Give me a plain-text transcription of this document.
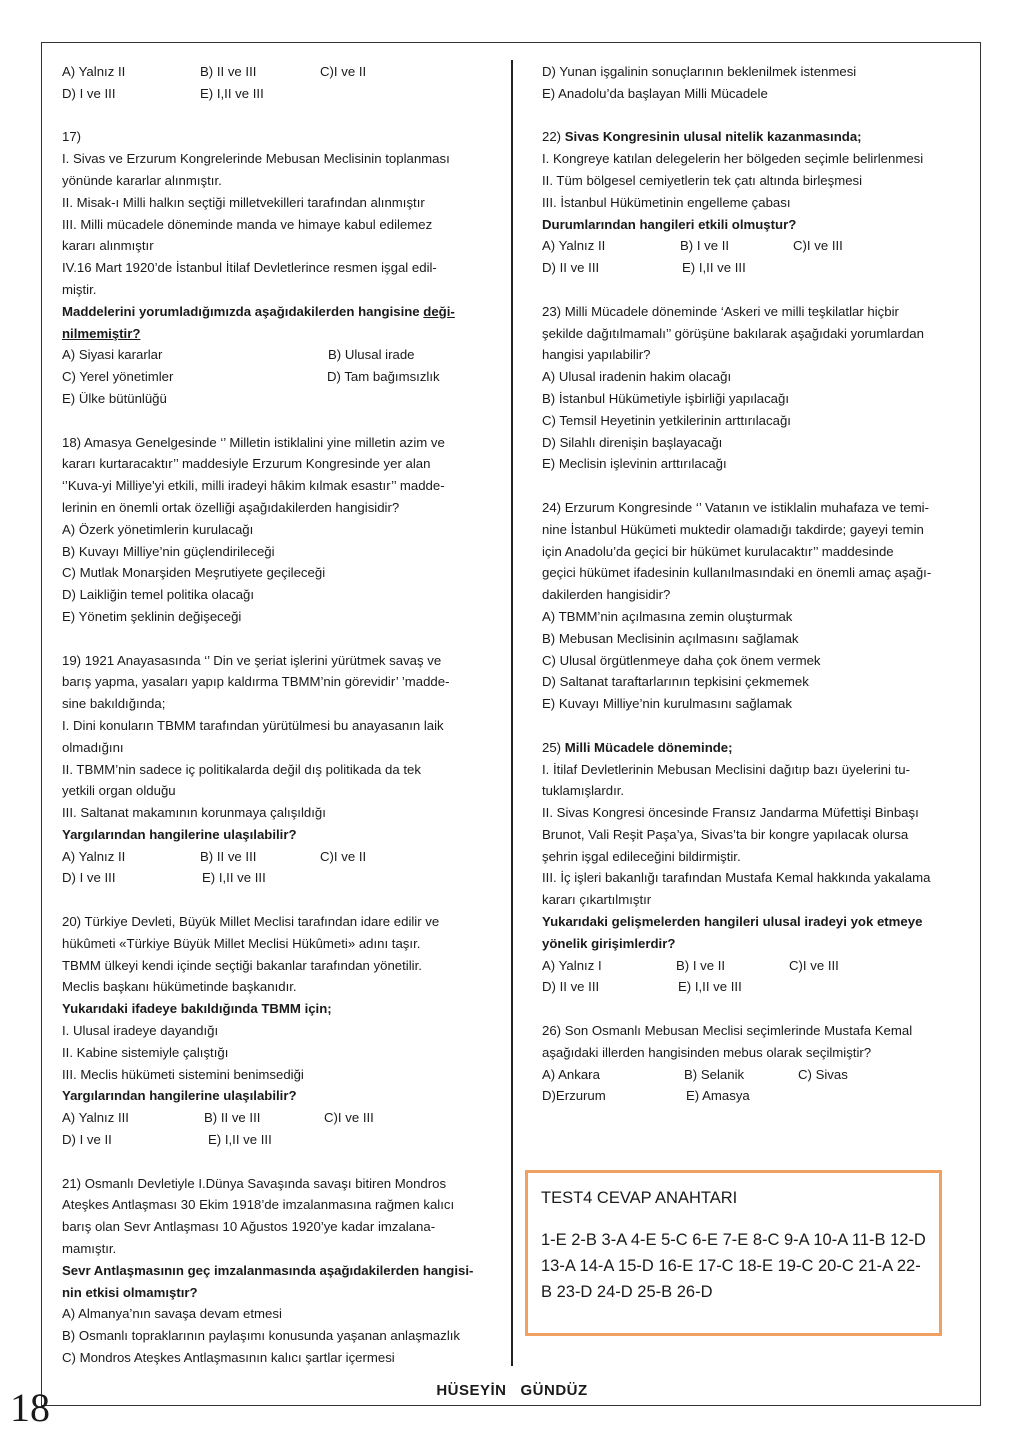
A) Yalnız II	B) II ve III	C)I ve II
D) I ve III	E) I,II ve III
17)
I. Sivas ve Erzurum Kongrelerinde Mebusan Meclisinin toplanması
yönünde kararlar alınmıştır.
II. Misak-ı Milli halkın seçtiği milletvekilleri tarafından alınmıştır
III. Milli mücadele döneminde manda ve himaye kabul edilemez
kararı alınmıştır
IV.16 Mart 1920’de İstanbul İtilaf Devletlerince resmen işgal edil-
miştir.
Maddelerini yorumladığımızda aşağıdakilerden hangisine deği-
nilmemiştir?
A) Siyasi kararlar	B) Ulusal irade
C) Yerel yönetimler	D) Tam bağımsızlık
E) Ülke bütünlüğü
18) Amasya Genelgesinde ‘’ Milletin istiklalini yine milletin azim ve
kararı kurtaracaktır’’ maddesiyle Erzurum Kongresinde yer alan
‘’Kuva-yi Milliye'yi etkili, milli iradeyi hâkim kılmak esastır’’ madde-
lerinin en önemli ortak özelliği aşağıdakilerden hangisidir?
A) Özerk yönetimlerin kurulacağı
B) Kuvayı Milliye’nin güçlendirileceği
C) Mutlak Monarşiden Meşrutiyete geçileceği
D) Laikliğin temel politika olacağı
E) Yönetim şeklinin değişeceği
19) 1921 Anayasasında ‘’ Din ve şeriat işlerini yürütmek savaş ve
barış yapma, yasaları yapıp kaldırma TBMM’nin görevidir’ ’madde-
sine bakıldığında;
I. Dini konuların TBMM tarafından yürütülmesi bu anayasanın laik
olmadığını
II. TBMM’nin sadece iç politikalarda değil dış politikada da tek
yetkili organ olduğu
III. Saltanat makamının korunmaya çalışıldığı
Yargılarından hangilerine ulaşılabilir?
A) Yalnız II	B) II ve III	C)I ve II
D) I ve III	E) I,II ve III
20) Türkiye Devleti, Büyük Millet Meclisi tarafından idare edilir ve
hükûmeti «Türkiye Büyük Millet Meclisi Hükûmeti» adını taşır.
TBMM ülkeyi kendi içinde seçtiği bakanlar tarafından yönetilir.
Meclis başkanı hükümetinde başkanıdır.
Yukarıdaki ifadeye bakıldığında TBMM için;
I. Ulusal iradeye dayandığı
II. Kabine sistemiyle çalıştığı
III. Meclis hükümeti sistemini benimsediği
Yargılarından hangilerine ulaşılabilir?
A) Yalnız III	B) II ve III	C)I ve III
D) I ve II	E) I,II ve III
21) Osmanlı Devletiyle I.Dünya Savaşında savaşı bitiren Mondros
Ateşkes Antlaşması 30 Ekim 1918’de imzalanmasına rağmen kalıcı
barış olan Sevr Antlaşması 10 Ağustos 1920’ye kadar imzalana-
mamıştır.
Sevr Antlaşmasının geç imzalanmasında aşağıdakilerden hangisi-
nin etkisi olmamıştır?
A) Almanya’nın savaşa devam etmesi
B) Osmanlı topraklarının paylaşımı konusunda yaşanan anlaşmazlık
C) Mondros Ateşkes Antlaşmasının kalıcı şartlar içermesi
D) Yunan işgalinin sonuçlarının beklenilmek istenmesi
E) Anadolu’da başlayan Milli Mücadele
22) Sivas Kongresinin ulusal nitelik kazanmasında;
I. Kongreye katılan delegelerin her bölgeden seçimle belirlenmesi
II. Tüm bölgesel cemiyetlerin tek çatı altında birleşmesi
III. İstanbul Hükümetinin engelleme çabası
Durumlarından hangileri etkili olmuştur?
A) Yalnız II	B) I ve II	C)I ve III
D) II ve III	E) I,II ve III
23) Milli Mücadele döneminde ‘Askeri ve milli teşkilatlar hiçbir
şekilde dağıtılmamalı’’ görüşüne bakılarak aşağıdaki yorumlardan
hangisi yapılabilir?
A) Ulusal iradenin hakim olacağı
B) İstanbul Hükümetiyle işbirliği yapılacağı
C) Temsil Heyetinin yetkilerinin arttırılacağı
D) Silahlı direnişin başlayacağı
E) Meclisin işlevinin arttırılacağı
24) Erzurum Kongresinde ‘’ Vatanın ve istiklalin muhafaza ve temi-
nine İstanbul Hükümeti muktedir olamadığı takdirde; gayeyi temin
için Anadolu’da geçici bir hükümet kurulacaktır’’ maddesinde
geçici hükümet ifadesinin kullanılmasındaki en önemli amaç aşağı-
dakilerden hangisidir?
A) TBMM’nin açılmasına zemin oluşturmak
B) Mebusan Meclisinin açılmasını sağlamak
C) Ulusal örgütlenmeye daha çok önem vermek
D) Saltanat taraftarlarının tepkisini çekmemek
E) Kuvayı Milliye’nin kurulmasını sağlamak
25) Milli Mücadele döneminde;
I. İtilaf Devletlerinin Mebusan Meclisini dağıtıp bazı üyelerini tu-
tuklamışlardır.
II. Sivas Kongresi öncesinde Fransız Jandarma Müfettişi Binbaşı
Brunot, Vali Reşit Paşa’ya, Sivas’ta bir kongre yapılacak olursa
şehrin işgal edileceğini bildirmiştir.
III. İç işleri bakanlığı tarafından Mustafa Kemal hakkında yakalama
kararı çıkartılmıştır
Yukarıdaki gelişmelerden hangileri ulusal iradeyi yok etmeye
yönelik girişimlerdir?
A) Yalnız I	B) I ve II	C)I ve III
D) II ve III	E) I,II ve III
26) Son Osmanlı Mebusan Meclisi seçimlerinde Mustafa Kemal
aşağıdaki illerden hangisinden mebus olarak seçilmiştir?
A) Ankara	B) Selanik	C) Sivas
D)Erzurum	E) Amasya
TEST4 CEVAP ANAHTARI
1-E 2-B 3-A 4-E 5-C 6-E 7-E 8-C 9-A 10-A 11-B 12-D
13-A 14-A 15-D 16-E 17-C 18-E 19-C 20-C 21-A 22-
B 23-D 24-D 25-B 26-D
HÜSEYİN   GÜNDÜZ
18
